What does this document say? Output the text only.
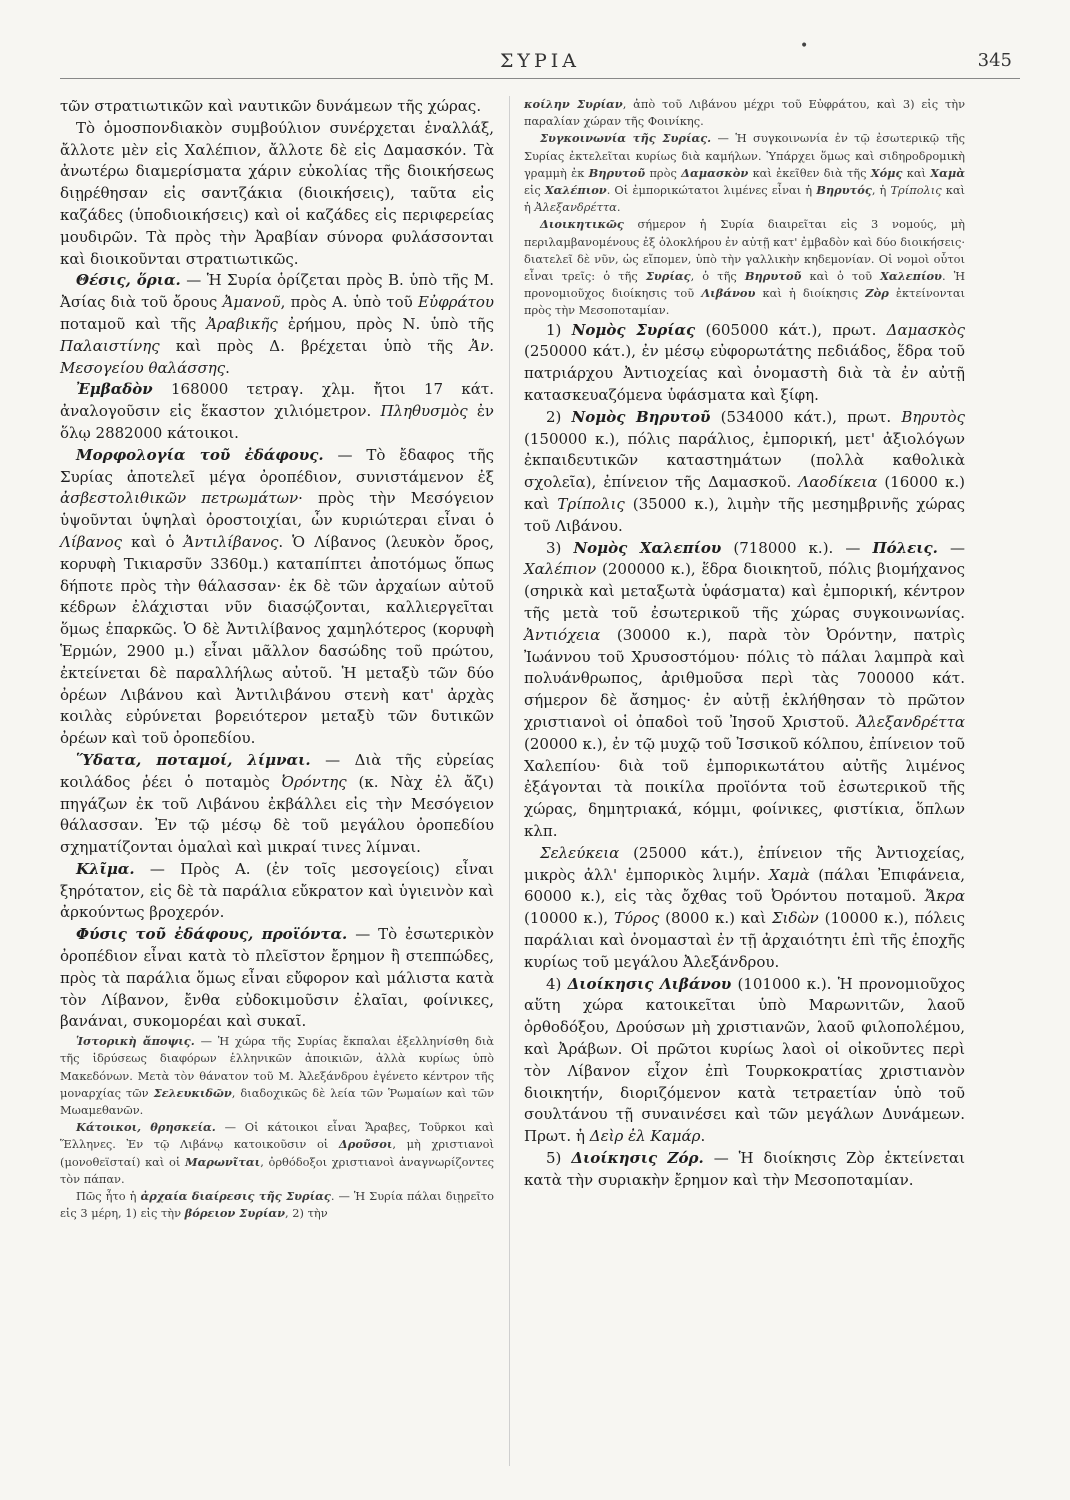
•
ΣΥΡΙΑ	345

τῶν στρατιωτικῶν καὶ ναυτικῶν δυνάμεων τῆς χώρας.

Τὸ ὁμοσπονδιακὸν συμβούλιον συνέρχεται ἐναλλάξ, ἄλλοτε μὲν εἰς Χαλέπιον, ἄλλοτε δὲ εἰς Δαμασκόν. Τὰ ἀνωτέρω διαμερίσματα χάριν εὐκολίας τῆς διοικήσεως διῃρέθησαν εἰς σαντζάκια (διοικήσεις), ταῦτα εἰς καζάδες (ὑποδιοικήσεις) καὶ οἱ καζάδες εἰς περιφερείας μουδιρῶν. Τὰ πρὸς τὴν Ἀραβίαν σύνορα φυλάσσονται καὶ διοικοῦνται στρατιωτικῶς.

Θέσις, ὅρια. — Ἡ Συρία ὁρίζεται πρὸς Β. ὑπὸ τῆς Μ. Ἀσίας διὰ τοῦ ὄρους Ἀμανοῦ, πρὸς Α. ὑπὸ τοῦ Εὐφράτου ποταμοῦ καὶ τῆς Ἀραβικῆς ἐρήμου, πρὸς Ν. ὑπὸ τῆς Παλαιστίνης καὶ πρὸς Δ. βρέχεται ὑπὸ τῆς Ἀν. Μεσογείου θαλάσσης.

Ἐμβαδὸν 168000 τετραγ. χλμ. ἤτοι 17 κάτ. ἀναλογοῦσιν εἰς ἕκαστον χιλιόμετρον. Πληθυσμὸς ἐν ὅλῳ 2882000 κάτοικοι.

Μορφολογία τοῦ ἐδάφους. — Τὸ ἔδαφος τῆς Συρίας ἀποτελεῖ μέγα ὀροπέδιον, συνιστάμενον ἐξ ἀσβεστολιθικῶν πετρωμάτων· πρὸς τὴν Μεσόγειον ὑψοῦνται ὑψηλαὶ ὀροστοιχίαι, ὧν κυριώτεραι εἶναι ὁ Λίβανος καὶ ὁ Ἀντιλίβανος. Ὁ Λίβανος (λευκὸν ὄρος, κορυφὴ Τικιαρσῦν 3360μ.) καταπίπτει ἀποτόμως ὅπως δήποτε πρὸς τὴν θάλασσαν· ἐκ δὲ τῶν ἀρχαίων αὐτοῦ κέδρων ἐλάχισται νῦν διασῴζονται, καλλιεργεῖται ὅμως ἐπαρκῶς. Ὁ δὲ Ἀντιλίβανος χαμηλότερος (κορυφὴ Ἑρμών, 2900 μ.) εἶναι μᾶλλον δασώδης τοῦ πρώτου, ἐκτείνεται δὲ παραλλήλως αὐτοῦ. Ἡ μεταξὺ τῶν δύο ὀρέων Λιβάνου καὶ Ἀντιλιβάνου στενὴ κατ' ἀρχὰς κοιλὰς εὐρύνεται βορειότερον μεταξὺ τῶν δυτικῶν ὀρέων καὶ τοῦ ὀροπεδίου.

Ὕδατα, ποταμοί, λίμναι. — Διὰ τῆς εὐρείας κοιλάδος ῥέει ὁ ποταμὸς Ὀρόντης (κ. Νὰχ ἐλ ἄζι) πηγάζων ἐκ τοῦ Λιβάνου ἐκβάλλει εἰς τὴν Μεσόγειον θάλασσαν. Ἐν τῷ μέσῳ δὲ τοῦ μεγάλου ὀροπεδίου σχηματίζονται ὁμαλαὶ καὶ μικραί τινες λίμναι.

Κλῖμα. — Πρὸς Α. (ἐν τοῖς μεσογείοις) εἶναι ξηρότατον, εἰς δὲ τὰ παράλια εὔκρατον καὶ ὑγιεινὸν καὶ ἀρκούντως βροχερόν.

Φύσις τοῦ ἐδάφους, προϊόντα. — Τὸ ἐσωτερικὸν ὀροπέδιον εἶναι κατὰ τὸ πλεῖστον ἔρημον ἢ στεππώδες, πρὸς τὰ παράλια ὅμως εἶναι εὔφορον καὶ μάλιστα κατὰ τὸν Λίβανον, ἔνθα εὐδοκιμοῦσιν ἐλαῖαι, φοίνικες, βανάναι, συκομορέαι καὶ συκαῖ.

Ἱστορικὴ ἄποψις. — Ἡ χώρα τῆς Συρίας ἔκπαλαι ἐξελληνίσθη διὰ τῆς ἱδρύσεως διαφόρων ἑλληνικῶν ἀποικιῶν, ἀλλὰ κυρίως ὑπὸ Μακεδόνων. Μετὰ τὸν θάνατον τοῦ Μ. Ἀλεξάνδρου ἐγένετο κέντρον τῆς μοναρχίας τῶν Σελευκιδῶν, διαδοχικῶς δὲ λεία τῶν Ῥωμαίων καὶ τῶν Μωαμεθανῶν.

Κάτοικοι, θρησκεία. — Οἱ κάτοικοι εἶναι Ἄραβες, Τοῦρκοι καὶ Ἕλληνες. Ἐν τῷ Λιβάνῳ κατοικοῦσιν οἱ Δροῦσοι, μὴ χριστιανοὶ (μονοθεϊσταί) καὶ οἱ Μαρωνῖται, ὀρθόδοξοι χριστιανοὶ ἀναγνωρίζοντες τὸν πάπαν.

Πῶς ἦτο ἡ ἀρχαία διαίρεσις τῆς Συρίας. — Ἡ Συρία πάλαι διῃρεῖτο εἰς 3 μέρη, 1) εἰς τὴν βόρειον Συρίαν, 2) τὴν

κοίλην Συρίαν, ἀπὸ τοῦ Λιβάνου μέχρι τοῦ Εὐφράτου, καὶ 3) εἰς τὴν παραλίαν χώραν τῆς Φοινίκης.

Συγκοινωνία τῆς Συρίας. — Ἡ συγκοινωνία ἐν τῷ ἐσωτερικῷ τῆς Συρίας ἐκτελεῖται κυρίως διὰ καμήλων. Ὑπάρχει ὅμως καὶ σιδηροδρομικὴ γραμμὴ ἐκ Βηρυτοῦ πρὸς Δαμασκὸν καὶ ἐκεῖθεν διὰ τῆς Χόμς καὶ Χαμὰ εἰς Χαλέπιον. Οἱ ἐμπορικώτατοι λιμένες εἶναι ἡ Βηρυτός, ἡ Τρίπολις καὶ ἡ Ἀλεξανδρέττα.

Διοικητικῶς σήμερον ἡ Συρία διαιρεῖται εἰς 3 νομούς, μὴ περιλαμβανομένους ἐξ ὁλοκλήρου ἐν αὐτῇ κατ' ἐμβαδὸν καὶ δύο διοικήσεις· διατελεῖ δὲ νῦν, ὡς εἴπομεν, ὑπὸ τὴν γαλλικὴν κηδεμονίαν. Οἱ νομοὶ οὗτοι εἶναι τρεῖς: ὁ τῆς Συρίας, ὁ τῆς Βηρυτοῦ καὶ ὁ τοῦ Χαλεπίου. Ἡ προνομιοῦχος διοίκησις τοῦ Λιβάνου καὶ ἡ διοίκησις Ζὸρ ἐκτείνονται πρὸς τὴν Μεσοποταμίαν.

1) Νομὸς Συρίας (605000 κάτ.), πρωτ. Δαμασκὸς (250000 κάτ.), ἐν μέσῳ εὐφορωτάτης πεδιάδος, ἕδρα τοῦ πατριάρχου Ἀντιοχείας καὶ ὀνομαστὴ διὰ τὰ ἐν αὐτῇ κατασκευαζόμενα ὑφάσματα καὶ ξίφη.

2) Νομὸς Βηρυτοῦ (534000 κάτ.), πρωτ. Βηρυτὸς (150000 κ.), πόλις παράλιος, ἐμπορική, μετ' ἀξιολόγων ἐκπαιδευτικῶν καταστημάτων (πολλὰ καθολικὰ σχολεῖα), ἐπίνειον τῆς Δαμασκοῦ. Λαοδίκεια (16000 κ.) καὶ Τρίπολις (35000 κ.), λιμὴν τῆς μεσημβρινῆς χώρας τοῦ Λιβάνου.

3) Νομὸς Χαλεπίου (718000 κ.). — Πόλεις. — Χαλέπιον (200000 κ.), ἕδρα διοικητοῦ, πόλις βιομήχανος (σηρικὰ καὶ μεταξωτὰ ὑφάσματα) καὶ ἐμπορική, κέντρον τῆς μετὰ τοῦ ἐσωτερικοῦ τῆς χώρας συγκοινωνίας. Ἀντιόχεια (30000 κ.), παρὰ τὸν Ὀρόντην, πατρὶς Ἰωάννου τοῦ Χρυσοστόμου· πόλις τὸ πάλαι λαμπρὰ καὶ πολυάνθρωπος, ἀριθμοῦσα περὶ τὰς 700000 κάτ. σήμερον δὲ ἄσημος· ἐν αὐτῇ ἐκλήθησαν τὸ πρῶτον χριστιανοὶ οἱ ὀπαδοὶ τοῦ Ἰησοῦ Χριστοῦ. Ἀλεξανδρέττα (20000 κ.), ἐν τῷ μυχῷ τοῦ Ἰσσικοῦ κόλπου, ἐπίνειον τοῦ Χαλεπίου· διὰ τοῦ ἐμπορικωτάτου αὐτῆς λιμένος ἐξάγονται τὰ ποικίλα προϊόντα τοῦ ἐσωτερικοῦ τῆς χώρας, δημητριακά, κόμμι, φοίνικες, φιστίκια, ὅπλων κλπ.

Σελεύκεια (25000 κάτ.), ἐπίνειον τῆς Ἀντιοχείας, μικρὸς ἀλλ' ἐμπορικὸς λιμήν. Χαμὰ (πάλαι Ἐπιφάνεια, 60000 κ.), εἰς τὰς ὄχθας τοῦ Ὀρόντου ποταμοῦ. Ἄκρα (10000 κ.), Τύρος (8000 κ.) καὶ Σιδὼν (10000 κ.), πόλεις παράλιαι καὶ ὀνομασταὶ ἐν τῇ ἀρχαιότητι ἐπὶ τῆς ἐποχῆς κυρίως τοῦ μεγάλου Ἀλεξάνδρου.

4) Διοίκησις Λιβάνου (101000 κ.). Ἡ προνομιοῦχος αὕτη χώρα κατοικεῖται ὑπὸ Μαρωνιτῶν, λαοῦ ὀρθοδόξου, Δρούσων μὴ χριστιανῶν, λαοῦ φιλοπολέμου, καὶ Ἀράβων. Οἱ πρῶτοι κυρίως λαοὶ οἱ οἰκοῦντες περὶ τὸν Λίβανον εἶχον ἐπὶ Τουρκοκρατίας χριστιανὸν διοικητήν, διοριζόμενον κατὰ τετραετίαν ὑπὸ τοῦ σουλτάνου τῇ συναινέσει καὶ τῶν μεγάλων Δυνάμεων. Πρωτ. ἡ Δεὶρ ἐλ Καμάρ.

5) Διοίκησις Ζόρ. — Ἡ διοίκησις Ζὸρ ἐκτείνεται κατὰ τὴν συριακὴν ἔρημον καὶ τὴν Μεσοποταμίαν.
